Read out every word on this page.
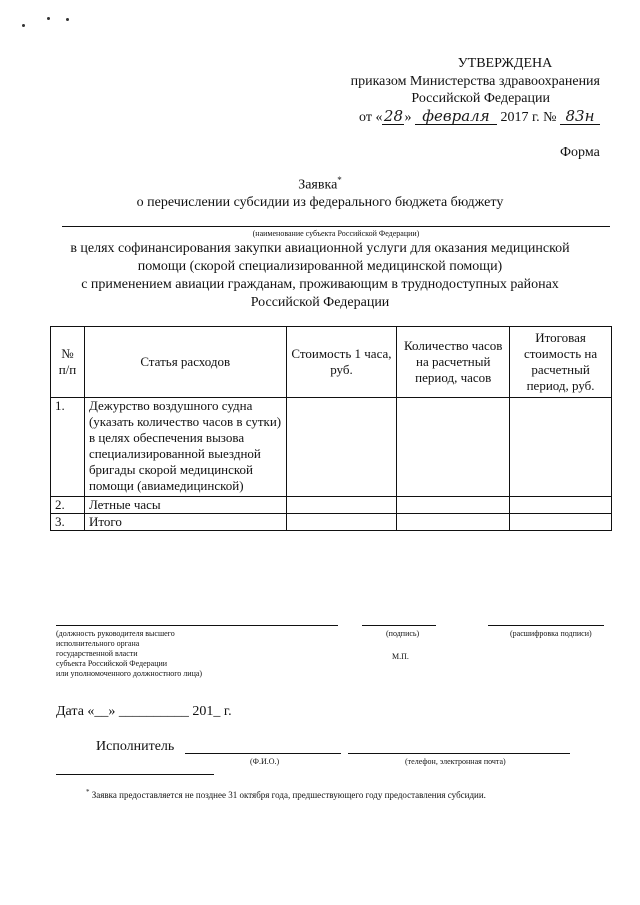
УТВЕРЖДЕНА
приказом Министерства здравоохранения
Российской Федерации
от «28» февраля 2017 г. № 83н
Форма
Заявка*
о перечислении субсидии из федерального бюджета бюджету
(наименование субъекта Российской Федерации)
в целях софинансирования закупки авиационной услуги для оказания медицинской
помощи (скорой специализированной медицинской помощи)
с применением авиации гражданам, проживающим в труднодоступных районах
Российской Федерации
№ п/п	Статья расходов	Стоимость 1 часа, руб.	Количество часов на расчетный период, часов	Итоговая стоимость на расчетный период, руб.
1.	Дежурство воздушного судна (указать количество часов в сутки) в целях обеспечения вызова специализированной выездной бригады скорой медицинской помощи (авиамедицинской)			
2.	Летные часы			
3.	Итого			
(должность руководителя высшего
исполнительного органа
государственной власти
субъекта Российской Федерации
или уполномоченного должностного лица)
(подпись)	(расшифровка подписи)
М.П.
Дата «__» __________ 201_ г.
Исполнитель
(Ф.И.О.)	(телефон, электронная почта)
* Заявка предоставляется не позднее 31 октября года, предшествующего году предоставления субсидии.
